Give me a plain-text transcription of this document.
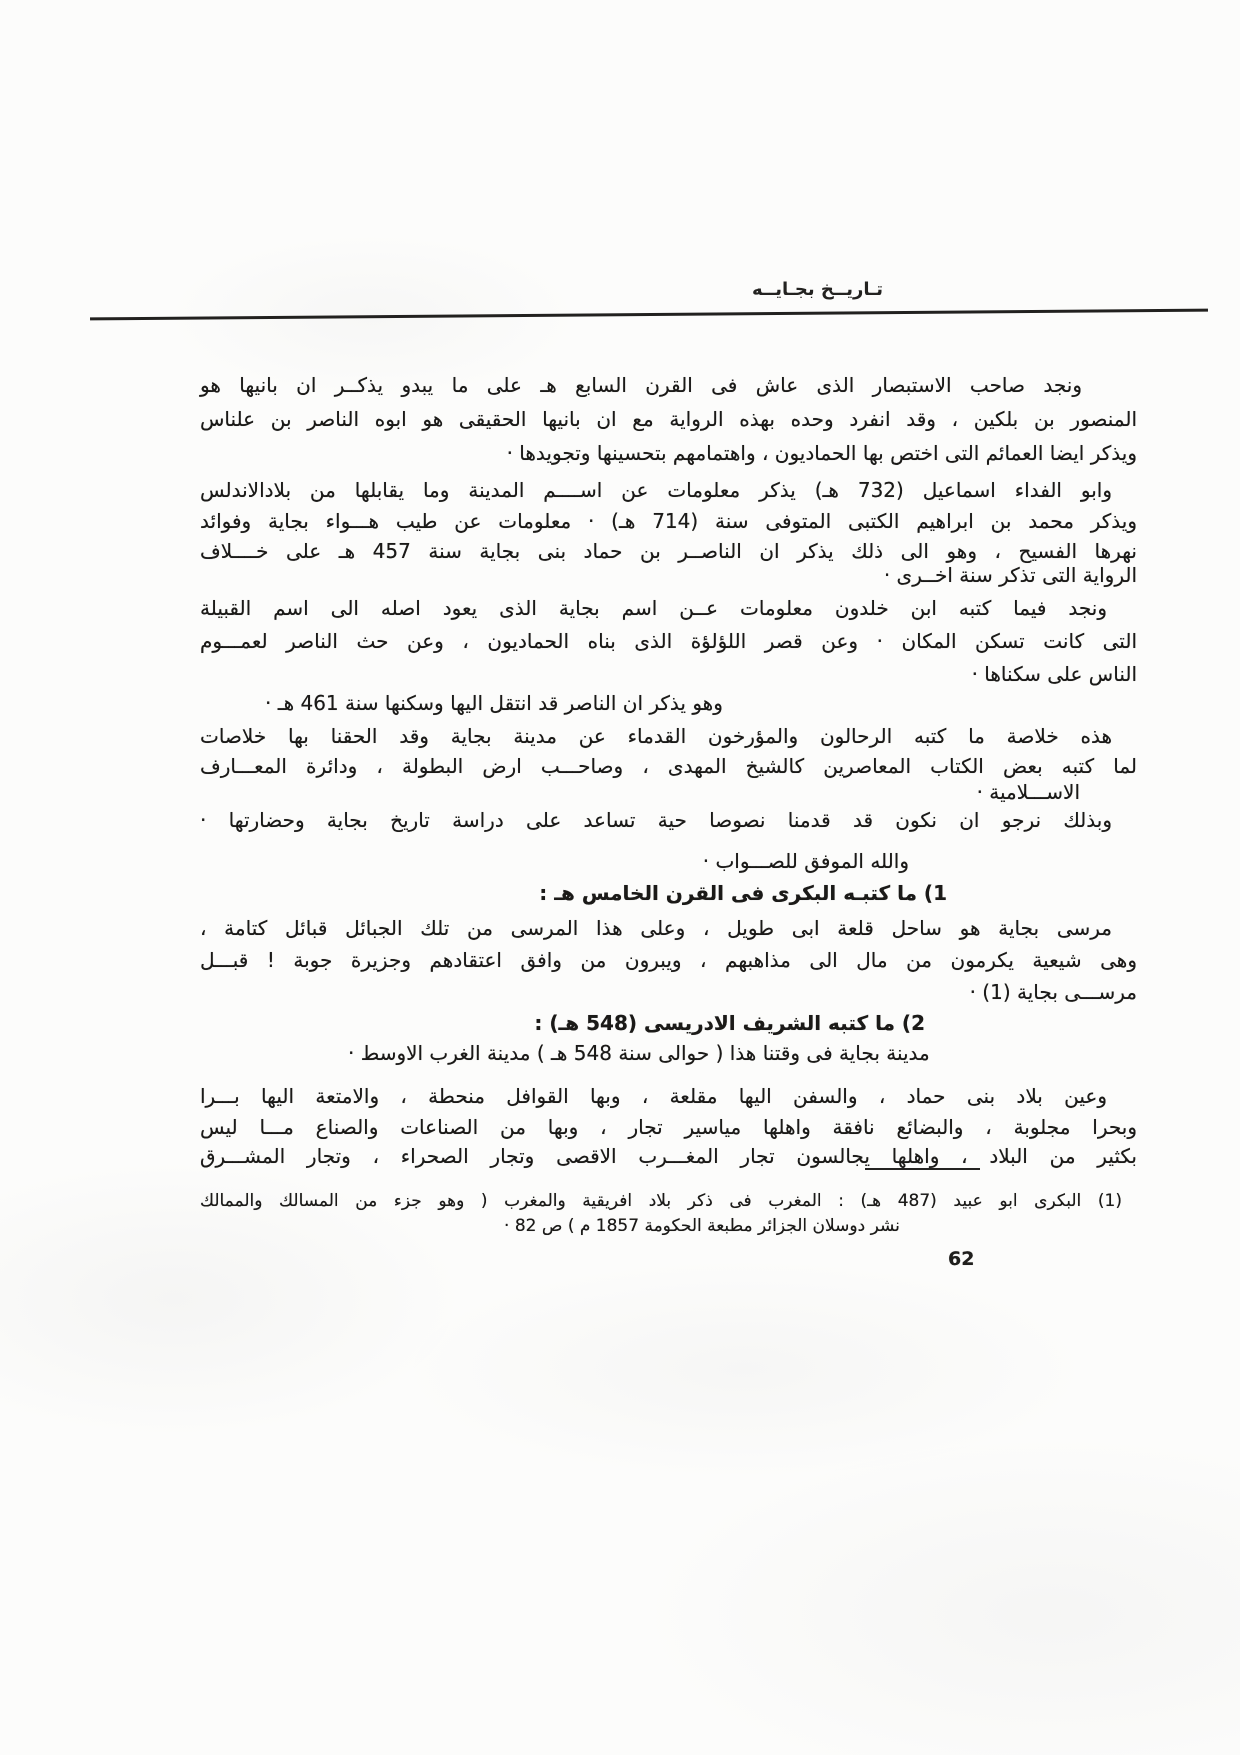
تـاريــخ بجـايــه
ونجد صاحب الاستبصار الذى عاش فى القرن السابع هـ على ما يبدو يذكــر ان بانيها هو
المنصور بن بلكين ، وقد انفرد وحده بهذه الرواية مع ان بانيها الحقيقى هو ابوه الناصر بن علناس
ويذكر ايضا العمائم التى اختص بها الحماديون ، واهتمامهم بتحسينها وتجويدها ·
وابو الفداء اسماعيل (732 هـ) يذكر معلومات عن اســــم المدينة وما يقابلها من بلادالاندلس
ويذكر محمد بن ابراهيم الكتبى المتوفى سنة (714 هـ) · معلومات عن طيب هـــواء بجاية وفوائد
نهرها الفسيح ، وهو الى ذلك يذكر ان الناصــر بن حماد بنى بجاية سنة 457 هـ على خــــلاف
الرواية التى تذكر سنة اخــرى ·
ونجد فيما كتبه ابن خلدون معلومات عــن اسم بجاية الذى يعود اصله الى اسم القبيلة
التى كانت تسكن المكان · وعن قصر اللؤلؤة الذى بناه الحماديون ، وعن حث الناصر لعمـــوم
الناس على سكناها ·
وهو يذكر ان الناصر قد انتقل اليها وسكنها سنة 461 هـ ·
هذه خلاصة ما كتبه الرحالون والمؤرخون القدماء عن مدينة بجاية وقد الحقنا بها خلاصات
لما كتبه بعض الكتاب المعاصرين كالشيخ المهدى ، وصاحـــب ارض البطولة ، ودائرة المعـــارف
الاســـلامية ·
وبذلك نرجو ان نكون قد قدمنا نصوصا حية تساعد على دراسة تاريخ بجاية وحضارتها ·
والله الموفق للصـــواب ·
1) ما كتبـه البكرى فى القرن الخامس هـ :
مرسى بجاية هو ساحل قلعة ابى طويل ، وعلى هذا المرسى من تلك الجبائل قبائل كتامة ،
وهى شيعية يكرمون من مال الى مذاهبهم ، ويبرون من وافق اعتقادهم وجزيرة جوبة ! قبـــل
مرســـى بجاية (1) ·
2) ما كتبه الشريف الادريسى (548 هـ) :
مدينة بجاية فى وقتنا هذا ( حوالى سنة 548 هـ ) مدينة الغرب الاوسط ·
وعين بلاد بنى حماد ، والسفن اليها مقلعة ، وبها القوافل منحطة ، والامتعة اليها بـــرا
وبحرا مجلوبة ، والبضائع نافقة واهلها مياسير تجار ، وبها من الصناعات والصناع مـــا ليس
بكثير من البلاد ، واهلها يجالسون تجار المغـــرب الاقصى وتجار الصحراء ، وتجار المشـــرق
(1) البكرى ابو عبيد (487 هـ) : المغرب فى ذكر بلاد افريقية والمغرب ( وهو جزء من المسالك والممالك
نشر دوسلان الجزائر مطبعة الحكومة 1857 م ) ص 82 ·
62
